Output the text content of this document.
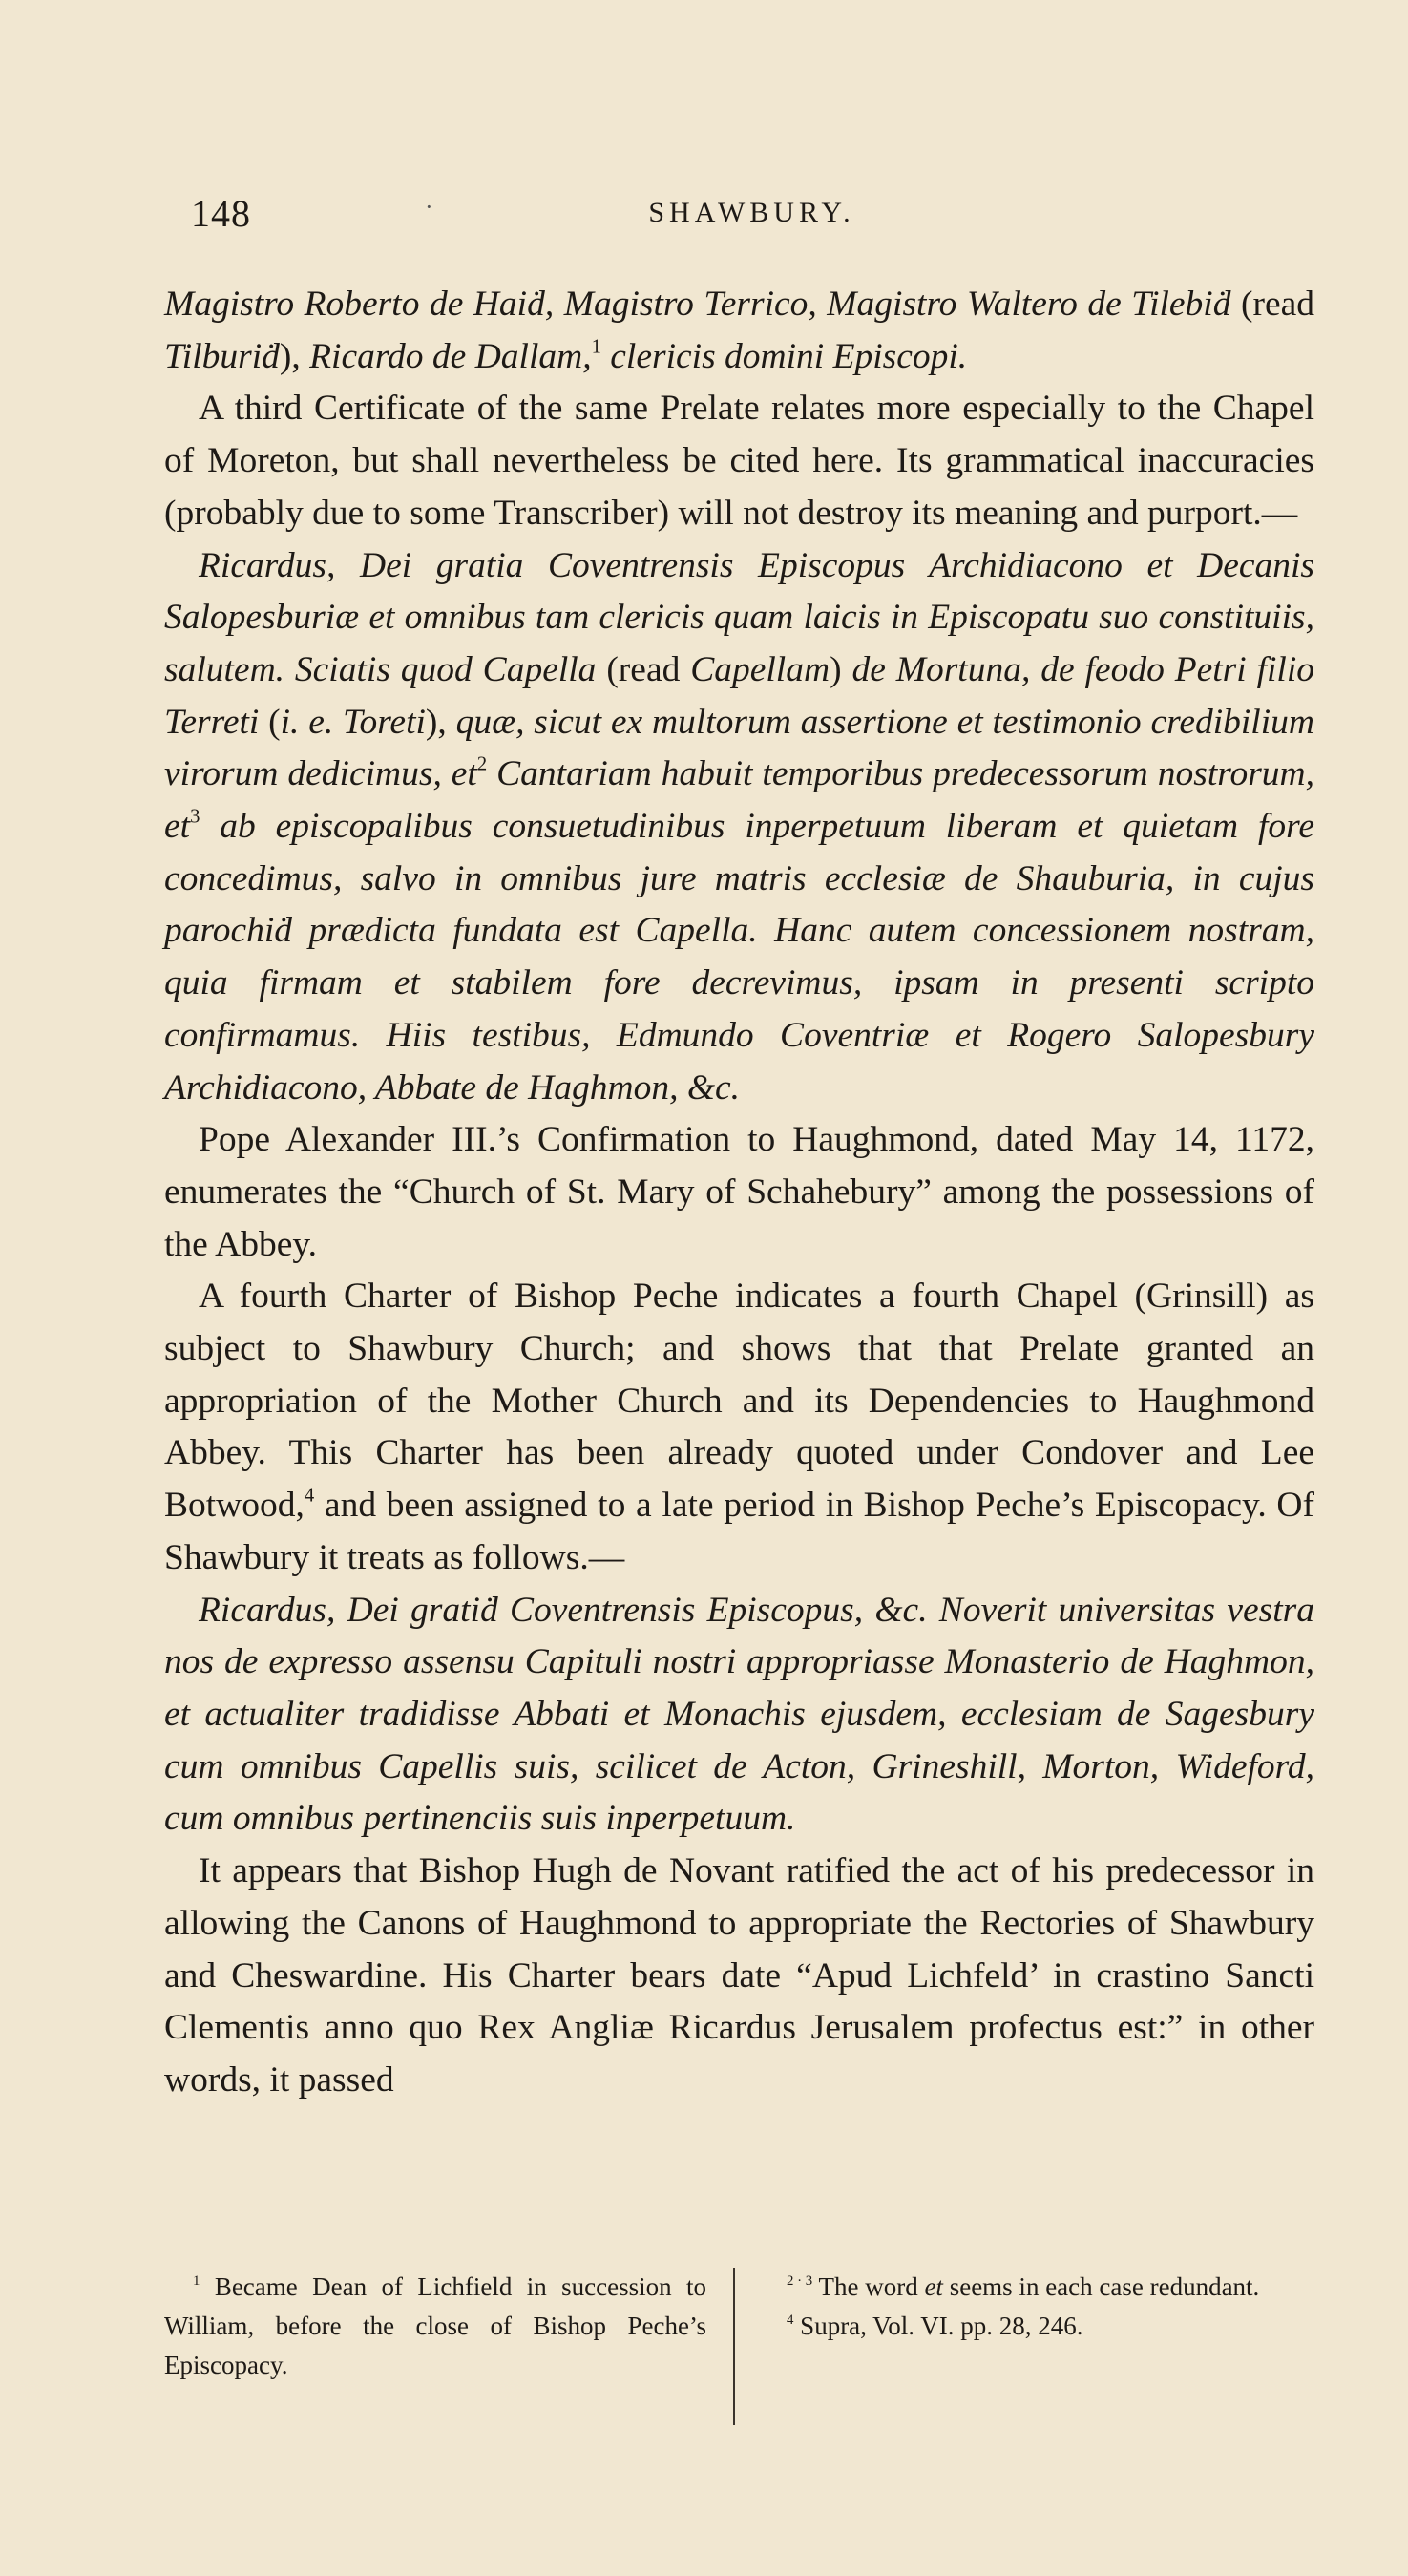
148	·	SHAWBURY.

Magistro Roberto de Haiḋ, Magistro Terrico, Magistro Waltero de Tilebiḋ (read Tilburiḋ), Ricardo de Dallam,$^1$ clericis domini Episcopi.

A third Certificate of the same Prelate relates more especially to the Chapel of Moreton, but shall nevertheless be cited here. Its grammatical inaccuracies (probably due to some Transcriber) will not destroy its meaning and purport.—

Ricardus, Dei gratia Coventrensis Episcopus Archidiacono et Decanis Salopesburiæ et omnibus tam clericis quam laicis in Episcopatu suo constituiis, salutem. Sciatis quod Capella (read Capellam) de Mortuna, de feodo Petri filio Terreti (i. e. Toreti), quæ, sicut ex multorum assertione et testimonio credibilium virorum dedicimus, $et^2$ Cantariam habuit temporibus predecessorum nostrorum, $et^3$ ab episcopalibus consuetudinibus inperpetuum liberam et quietam fore concedimus, salvo in omnibus jure matris ecclesiæ de Shauburia, in cujus parochiḋ prædicta fundata est Capella. Hanc autem concessionem nostram, quia firmam et stabilem fore decrevimus, ipsam in presenti scripto confirmamus. Hiis testibus, Edmundo Coventriæ et Rogero Salopesbury Archidiacono, Abbate de Haghmon, &c.

Pope Alexander III.’s Confirmation to Haughmond, dated May 14, 1172, enumerates the “Church of St. Mary of Schahebury” among the possessions of the Abbey.

A fourth Charter of Bishop Peche indicates a fourth Chapel (Grinsill) as subject to Shawbury Church; and shows that that Prelate granted an appropriation of the Mother Church and its Dependencies to Haughmond Abbey. This Charter has been already quoted under Condover and Lee Botwood,$^4$ and been assigned to a late period in Bishop Peche’s Episcopacy. Of Shawbury it treats as follows.—

Ricardus, Dei gratiḋ Coventrensis Episcopus, &c. Noverit universitas vestra nos de expresso assensu Capituli nostri appropriasse Monasterio de Haghmon, et actualiter tradidisse Abbati et Monachis ejusdem, ecclesiam de Sagesbury cum omnibus Capellis suis, scilicet de Acton, Grineshill, Morton, Wideford, cum omnibus pertinenciis suis inperpetuum.

It appears that Bishop Hugh de Novant ratified the act of his predecessor in allowing the Canons of Haughmond to appropriate the Rectories of Shawbury and Cheswardine. His Charter bears date “Apud Lichfeld’ in crastino Sancti Clementis anno quo Rex Angliæ Ricardus Jerusalem profectus est:” in other words, it passed

$^1$ Became Dean of Lichfield in succession to William, before the close of Bishop Peche’s Episcopacy.

$^{2 \cdot 3}$ The word et seems in each case redundant.

$^4$ Supra, Vol. VI. pp. 28, 246.
